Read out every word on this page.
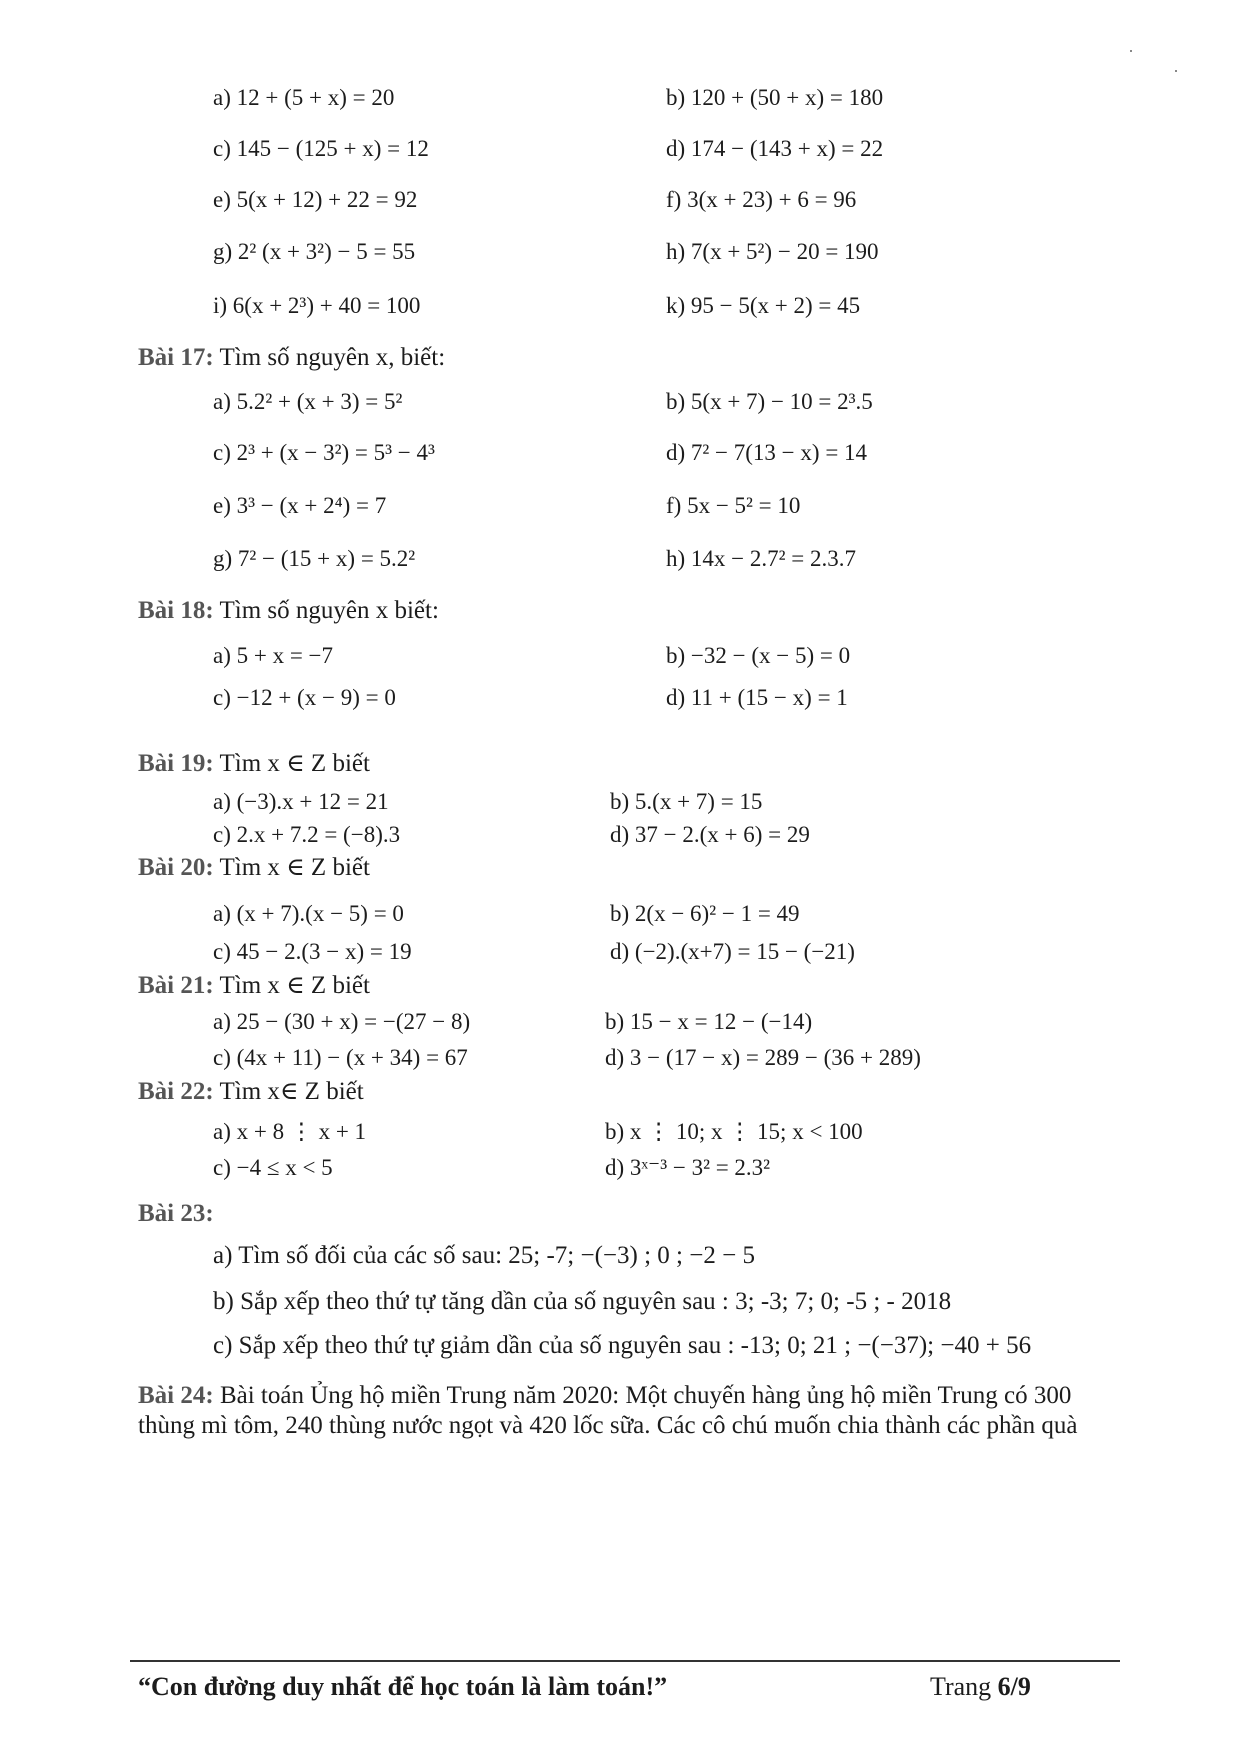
a) 12 + (5 + x) = 20	b) 120 + (50 + x) = 180
c) 145 − (125 + x) = 12	d) 174 − (143 + x) = 22
e) 5(x + 12) + 22 = 92	f) 3(x + 23) + 6 = 96
g) 2² (x + 3²) − 5 = 55	h) 7(x + 5²) − 20 = 190
i) 6(x + 2³) + 40 = 100	k) 95 − 5(x + 2) = 45
Bài 17: Tìm số nguyên x, biết:
a) 5.2² + (x + 3) = 5²	b) 5(x + 7) − 10 = 2³.5
c) 2³ + (x − 3²) = 5³ − 4³	d) 7² − 7(13 − x) = 14
e) 3³ − (x + 2⁴) = 7	f) 5x − 5² = 10
g) 7² − (15 + x) = 5.2²	h) 14x − 2.7² = 2.3.7
Bài 18: Tìm số nguyên x biết:
a) 5 + x = −7	b) −32 − (x − 5) = 0
c) −12 + (x − 9) = 0	d) 11 + (15 − x) = 1
Bài 19: Tìm x ∈ Z biết
a) (−3).x + 12 = 21	b) 5.(x + 7) = 15
c) 2.x + 7.2 = (−8).3	d) 37 − 2.(x + 6) = 29
Bài 20: Tìm x ∈ Z biết
a) (x + 7).(x − 5) = 0	b) 2(x − 6)² − 1 = 49
c) 45 − 2.(3 − x) = 19	d) (−2).(x+7) = 15 − (−21)
Bài 21: Tìm x ∈ Z biết
a) 25 − (30 + x) = −(27 − 8)	b) 15 − x = 12 − (−14)
c) (4x + 11) − (x + 34) = 67	d) 3 − (17 − x) = 289 − (36 + 289)
Bài 22: Tìm x∈ Z biết
a) x + 8 ⋮ x + 1	b) x ⋮ 10; x ⋮ 15; x < 100
c) −4 ≤ x < 5	d) 3ˣ⁻³ − 3² = 2.3²
Bài 23:
a) Tìm số đối của các số sau: 25; -7; −(−3) ; 0 ; −2 − 5
b) Sắp xếp theo thứ tự tăng dần của số nguyên sau : 3; -3; 7; 0; -5 ; - 2018
c) Sắp xếp theo thứ tự giảm dần của số nguyên sau : -13; 0; 21 ; −(−37); −40 + 56
Bài 24: Bài toán Ủng hộ miền Trung năm 2020: Một chuyến hàng ủng hộ miền Trung có 300
thùng mì tôm, 240 thùng nước ngọt và 420 lốc sữa. Các cô chú muốn chia thành các phần quà
“Con đường duy nhất để học toán là làm toán!”	Trang 6/9
